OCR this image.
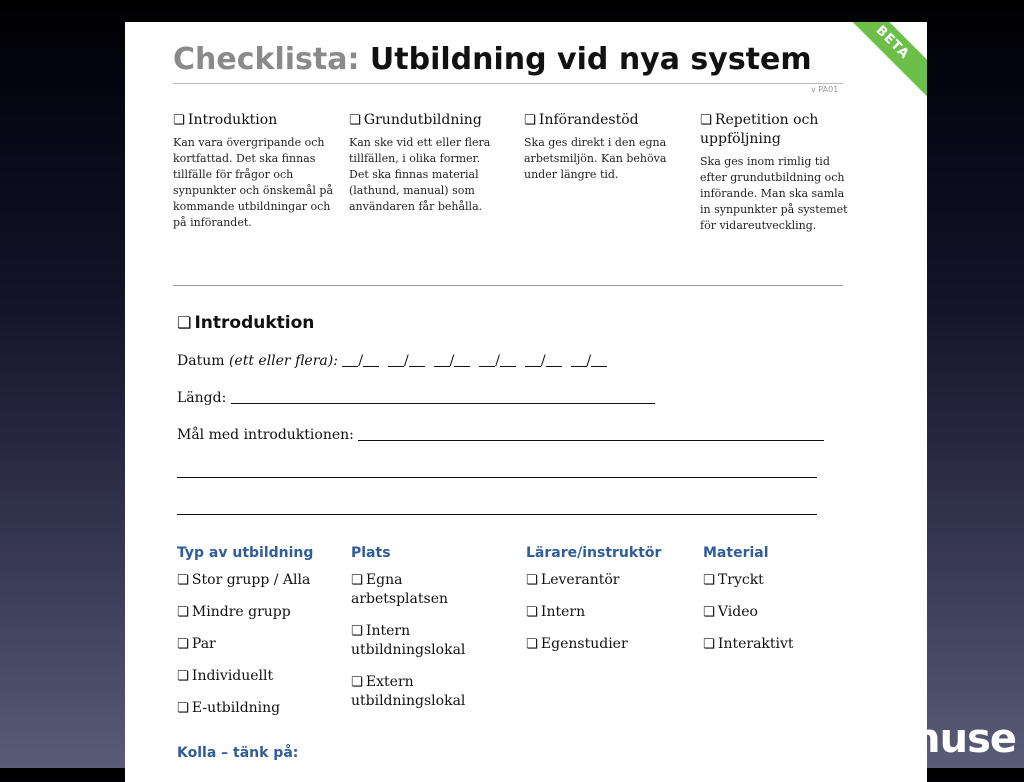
BETA
Checklista: Utbildning vid nya system
v PA01
❏ Introduktion

Kan vara övergripande och kortfattad. Det ska finnas tillfälle för frågor och synpunkter och önskemål på kommande utbildningar och på införandet.

❏ Grundutbildning

Kan ske vid ett eller flera tillfällen, i olika former. Det ska finnas material (lathund, manual) som användaren får behålla.

❏ Införandestöd

Ska ges direkt i den egna arbetsmiljön. Kan behöva under längre tid.

❏ Repetition och uppföljning

Ska ges inom rimlig tid efter grundutbildning och införande. Man ska samla in synpunkter på systemet för vidareutveckling.

❏ Introduktion
Datum (ett eller flera): /	/	/	/	/	/
Längd:
Mål med introduktionen:
Typ av utbildning
❏ Stor grupp / Alla
❏ Mindre grupp
❏ Par
❏ Individuellt
❏ E-utbildning
Plats
❏ Egna arbetsplatsen
❏ Intern utbildningslokal
❏ Extern utbildningslokal
Lärare/instruktör
❏ Leverantör
❏ Intern
❏ Egenstudier
Material
❏ Tryckt
❏ Video
❏ Interaktivt
Kolla – tänk på:	muse
